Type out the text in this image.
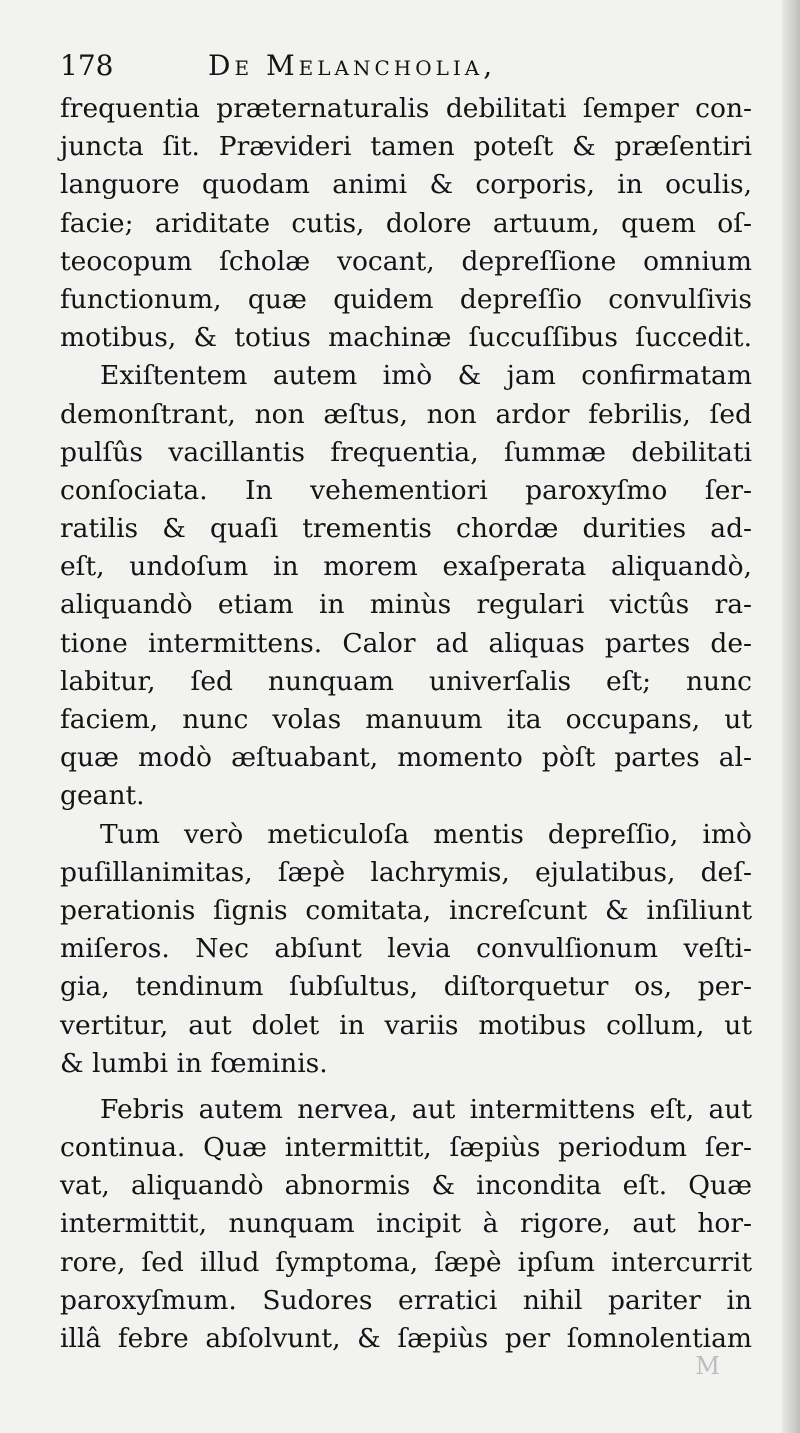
178	De Melancholia,
frequentia præternaturalis debilitati ſemper con-
juncta ſit. Prævideri tamen poteſt & præſentiri
languore quodam animi & corporis, in oculis,
facie; ariditate cutis, dolore artuum, quem oſ-
teocopum ſcholæ vocant, depreſſione omnium
functionum, quæ quidem depreſſio convulſivis
motibus, & totius machinæ ſuccuſſibus ſuccedit.
Exiſtentem autem imò & jam confirmatam
demonſtrant, non æſtus, non ardor febrilis, ſed
pulſûs vacillantis frequentia, ſummæ debilitati
conſociata. In vehementiori paroxyſmo ſer-
ratilis & quaſi trementis chordæ durities ad-
eſt, undoſum in morem exaſperata aliquandò,
aliquandò etiam in minùs regulari victûs ra-
tione intermittens. Calor ad aliquas partes de-
labitur, ſed nunquam univerſalis eſt; nunc
faciem, nunc volas manuum ita occupans, ut
quæ modò æſtuabant, momento pòſt partes al-
geant.
Tum verò meticuloſa mentis depreſſio, imò
puſillanimitas, ſæpè lachrymis, ejulatibus, deſ-
perationis ſignis comitata, increſcunt & inſiliunt
miſeros. Nec abſunt levia convulſionum veſti-
gia, tendinum ſubſultus, diſtorquetur os, per-
vertitur, aut dolet in variis motibus collum, ut
& lumbi in fœminis.
Febris autem nervea, aut intermittens eſt, aut
continua. Quæ intermittit, ſæpiùs periodum ſer-
vat, aliquandò abnormis & incondita eſt. Quæ
intermittit, nunquam incipit à rigore, aut hor-
rore, ſed illud ſymptoma, ſæpè ipſum intercurrit
paroxyſmum. Sudores erratici nihil pariter in
illâ febre abſolvunt, & ſæpiùs per ſomnolentiam
M
